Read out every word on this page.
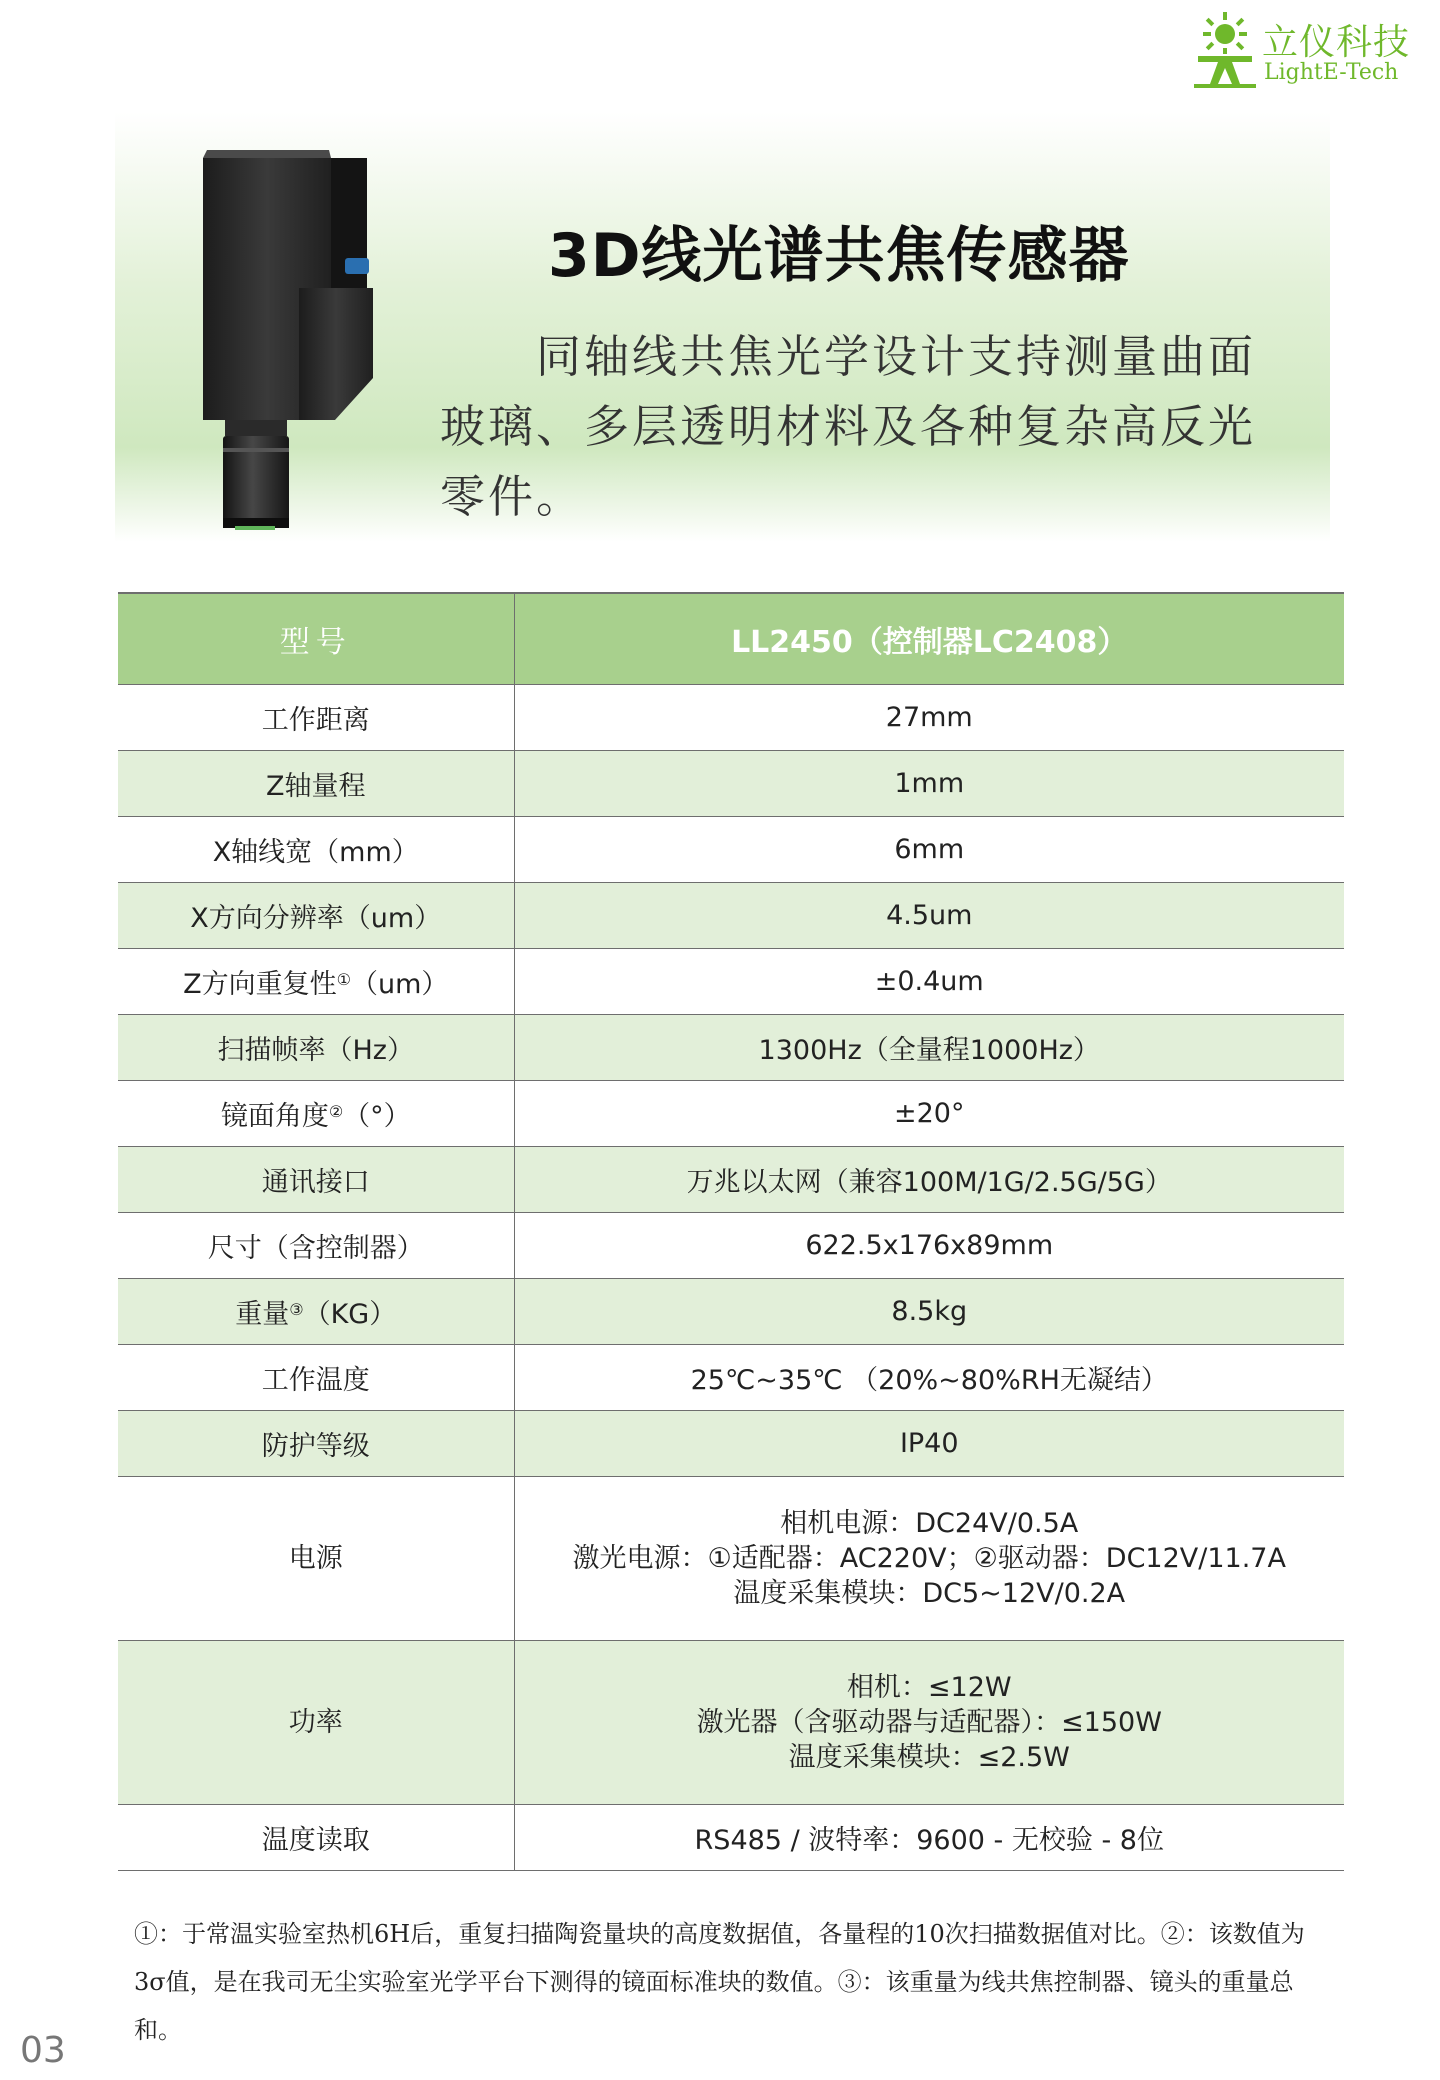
立仪科技
LightE-Tech
3D线光谱共焦传感器
同轴线共焦光学设计支持测量曲面玻璃、多层透明材料及各种复杂高反光零件。
型号	LL2450（控制器LC2408）
工作距离	27mm

Z轴量程	1mm

X轴线宽（mm）	6mm

X方向分辨率（um）	4.5um

Z方向重复性①（um）	±0.4um

扫描帧率（Hz）	1300Hz（全量程1000Hz）

镜面角度②（°）	±20°

通讯接口	万兆以太网（兼容100M/1G/2.5G/5G）

尺寸（含控制器）	622.5x176x89mm

重量③（KG）	8.5kg

工作温度	25℃~35℃ （20%~80%RH无凝结）

防护等级	IP40

电源	相机电源：DC24V/0.5A
激光电源：①适配器：AC220V；②驱动器：DC12V/11.7A
温度采集模块：DC5~12V/0.2A

功率	相机：≤12W
激光器（含驱动器与适配器）：≤150W
温度采集模块：≤2.5W

温度读取	RS485 / 波特率：9600 - 无校验 - 8位
①：于常温实验室热机6H后，重复扫描陶瓷量块的高度数据值，各量程的10次扫描数据值对比。②：该数值为3σ值，是在我司无尘实验室光学平台下测得的镜面标准块的数值。③：该重量为线共焦控制器、镜头的重量总和。
03
